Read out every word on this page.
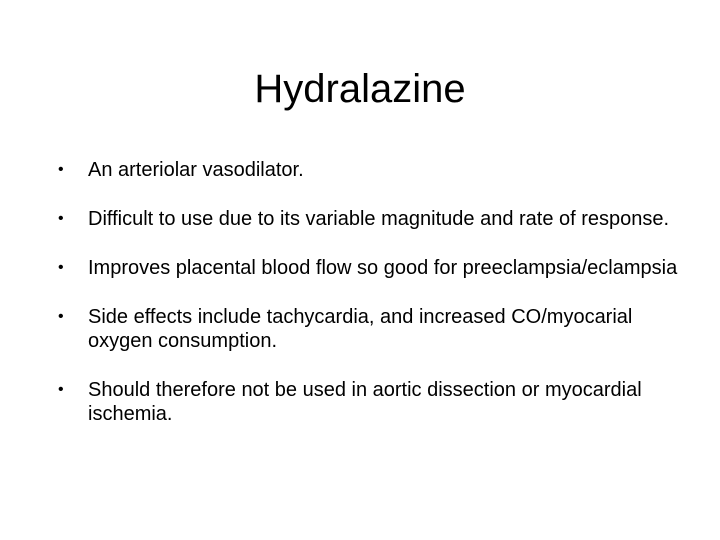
Hydralazine
•	An arteriolar vasodilator.
•	Difficult to use due to its variable magnitude and rate of response.
•	Improves placental blood flow so good for preeclampsia/eclampsia
•	Side effects include tachycardia, and increased CO/myocarial oxygen consumption.
•	Should therefore not be used in aortic dissection or myocardial ischemia.
